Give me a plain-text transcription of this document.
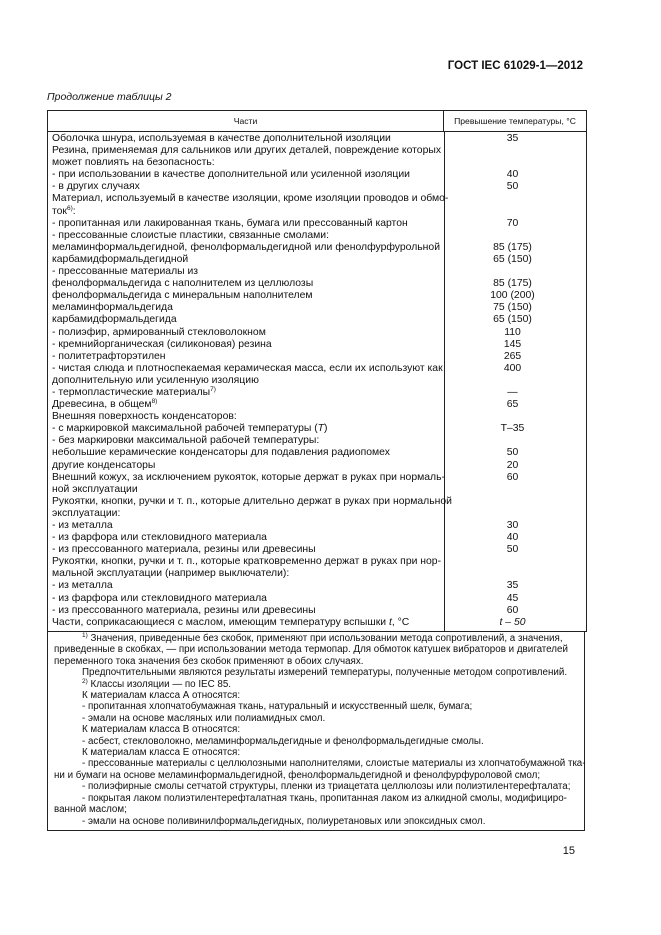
ГОСТ IEC 61029-1—2012
Продолжение таблицы 2
Части	Превышение температуры, °С
Оболочка шнура, используемая в качестве дополнительной изоляции
Резина, применяемая для сальников или других деталей, повреждение которых
может повлиять на безопасность:
- при использовании в качестве дополнительной или усиленной изоляции
- в других случаях
Материал, используемый в качестве изоляции, кроме изоляции проводов и обмо-
ток$^{6)}$:
- пропитанная или лакированная ткань, бумага или прессованный картон
- прессованные слоистые пластики, связанные смолами:
меламинформальдегидной, фенолформальдегидной или фенолфурфурольной
карбамидформальдегидной
- прессованные материалы из
фенолформальдегида с наполнителем из целлюлозы
фенолформальдегида с минеральным наполнителем
меламинформальдегида
карбамидформальдегида
- полиэфир, армированный стекловолокном
- кремнийорганическая (силиконовая) резина
- политетрафторэтилен
- чистая слюда и плотноспекаемая керамическая масса, если их используют как
дополнительную или усиленную изоляцию
- термопластические материалы$^{7)}$
Древесина, в общем$^{8)}$
Внешняя поверхность конденсаторов:
- с маркировкой максимальной рабочей температуры (T)
- без маркировки максимальной рабочей температуры:
небольшие керамические конденсаторы для подавления радиопомех
другие конденсаторы
Внешний кожух, за исключением рукояток, которые держат в руках при нормаль-
ной эксплуатации
Рукоятки, кнопки, ручки и т. п., которые длительно держат в руках при нормальной
эксплуатации:
- из металла
- из фарфора или стекловидного материала
- из прессованного материала, резины или древесины
Рукоятки, кнопки, ручки и т. п., которые кратковременно держат в руках при нор-
мальной эксплуатации (например выключатели):
- из металла
- из фарфора или стекловидного материала
- из прессованного материала, резины или древесины
Части, соприкасающиеся с маслом, имеющим температуру вспышки t, °С
35
40
50
70
85 (175)
65 (150)
85 (175)
100 (200)
75 (150)
65 (150)
110
145
265
400
—
65
T–35
50
20
60
30
40
50
35
45
60
t – 50
$^{1)}$ Значения, приведенные без скобок, применяют при использовании метода сопротивлений, а значения,
приведенные в скобках, — при использовании метода термопар. Для обмоток катушек вибраторов и двигателей
переменного тока значения без скобок применяют в обоих случаях.
Предпочтительными являются результаты измерений температуры, полученные методом сопротивлений.
$^{2)}$ Классы изоляции — по IEC 85.
К материалам класса А относятся:
- пропитанная хлопчатобумажная ткань, натуральный и искусственный шелк, бумага;
- эмали на основе масляных или полиамидных смол.
К материалам класса В относятся:
- асбест, стекловолокно, меламинформальдегидные и фенолформальдегидные смолы.
К материалам класса Е относятся:
- прессованные материалы с целлюлозными наполнителями, слоистые материалы из хлопчатобумажной ткa-
ни и бумаги на основе меламинформальдегидной, фенолформальдегидной и фенолфурфуроловой смол;
- полиэфирные смолы сетчатой структуры, пленки из триацетата целлюлозы или полиэтилентерефталата;
- покрытая лаком полиэтилентерефталатная ткань, пропитанная лаком из алкидной смолы, модифициро-
ванной маслом;
- эмали на основе поливинилформальдегидных, полиуретановых или эпоксидных смол.
15
